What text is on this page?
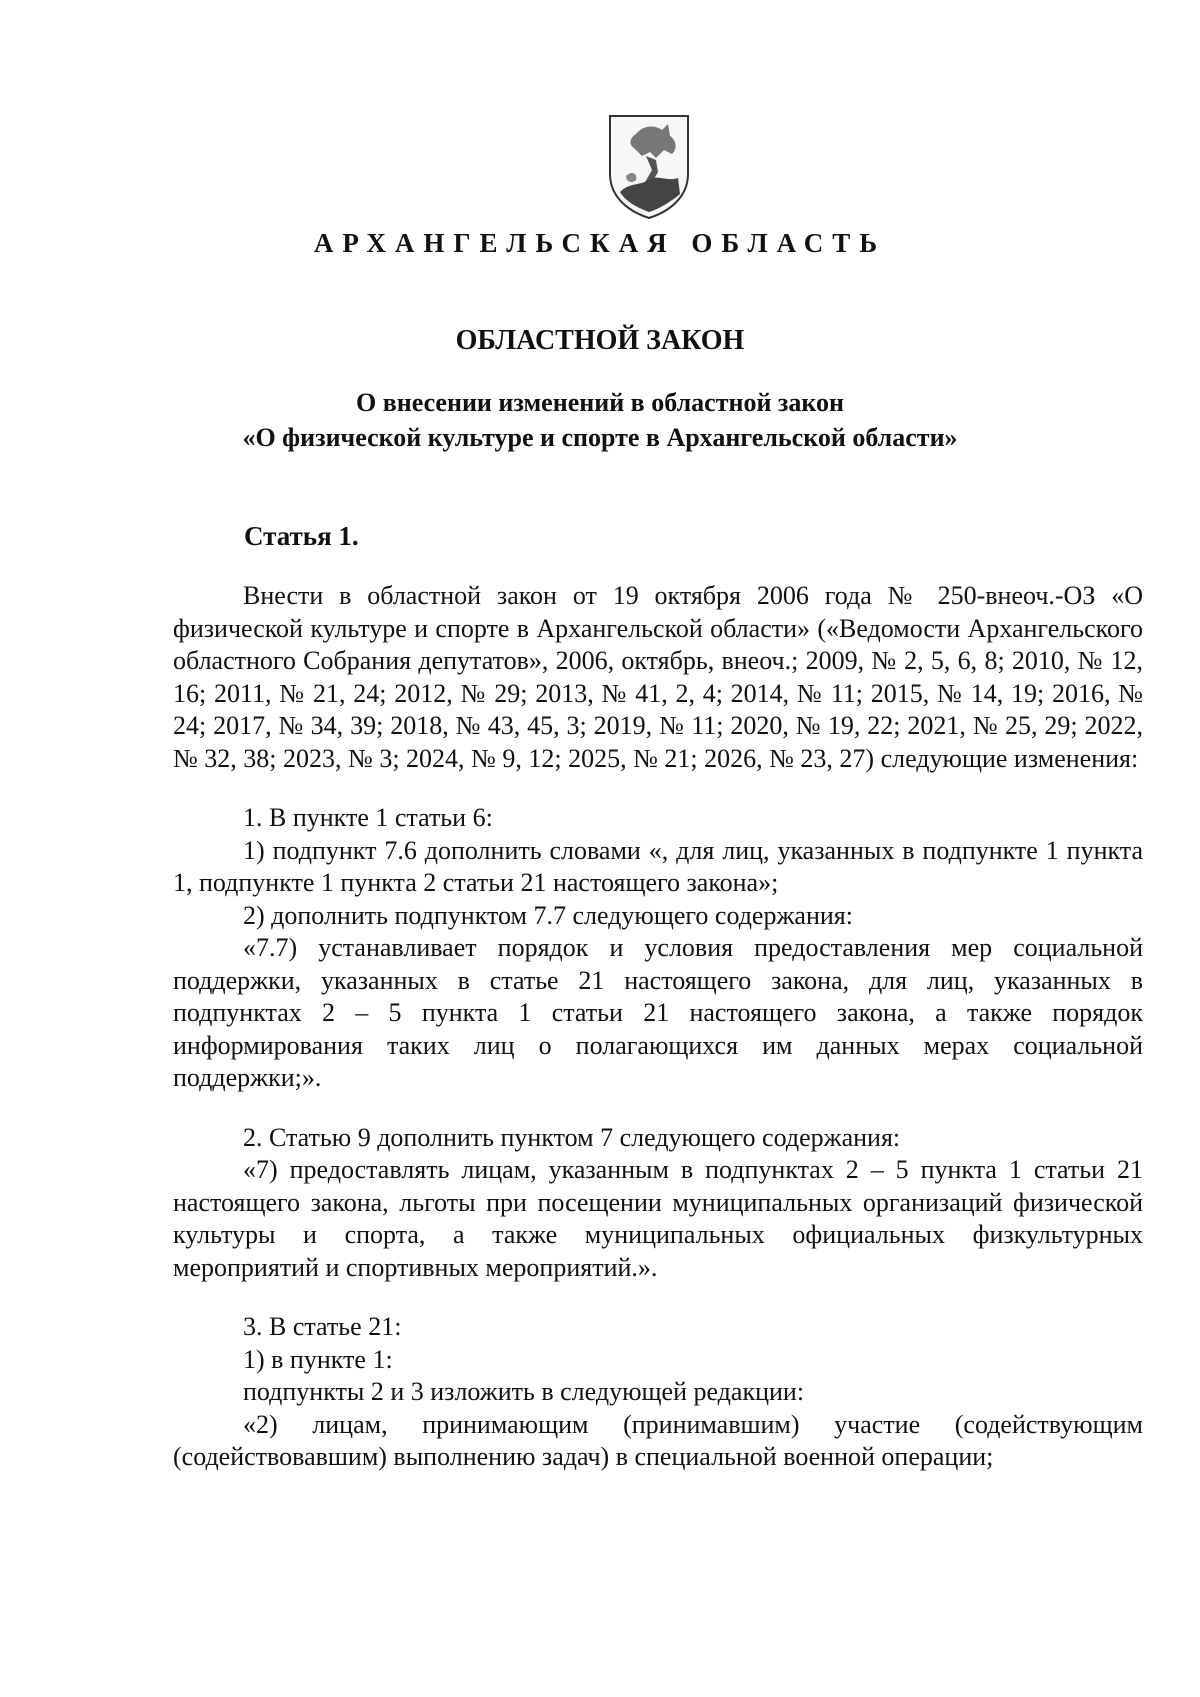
АРХАНГЕЛЬСКАЯ ОБЛАСТЬ
ОБЛАСТНОЙ ЗАКОН
О внесении изменений в областной закон
«О физической культуре и спорте в Архангельской области»
Статья 1.

Внести в областной закон от 19 октября 2006 года № 250-внеоч.-ОЗ «О физической культуре и спорте в Архангельской области» («Ведомости Архангельского областного Собрания депутатов», 2006, октябрь, внеоч.; 2009, № 2, 5, 6, 8; 2010, № 12, 16; 2011, № 21, 24; 2012, № 29; 2013, № 41, 2, 4; 2014, № 11; 2015, № 14, 19; 2016, № 24; 2017, № 34, 39; 2018, № 43, 45, 3; 2019, № 11; 2020, № 19, 22; 2021, № 25, 29; 2022, № 32, 38; 2023, № 3; 2024, № 9, 12; 2025, № 21; 2026, № 23, 27) следующие изменения:

1. В пункте 1 статьи 6:

1) подпункт 7.6 дополнить словами «, для лиц, указанных в подпункте 1 пункта 1, подпункте 1 пункта 2 статьи 21 настоящего закона»;

2) дополнить подпунктом 7.7 следующего содержания:

«7.7) устанавливает порядок и условия предоставления мер социальной поддержки, указанных в статье 21 настоящего закона, для лиц, указанных в подпунктах 2 – 5 пункта 1 статьи 21 настоящего закона, а также порядок информирования таких лиц о полагающихся им данных мерах социальной поддержки;».

2. Статью 9 дополнить пунктом 7 следующего содержания:

«7) предоставлять лицам, указанным в подпунктах 2 – 5 пункта 1 статьи 21 настоящего закона, льготы при посещении муниципальных организаций физической культуры и спорта, а также муниципальных официальных физкультурных мероприятий и спортивных мероприятий.».

3. В статье 21:

1) в пункте 1:

подпункты 2 и 3 изложить в следующей редакции:

«2) лицам, принимающим (принимавшим) участие (содействующим (содействовавшим) выполнению задач) в специальной военной операции;
